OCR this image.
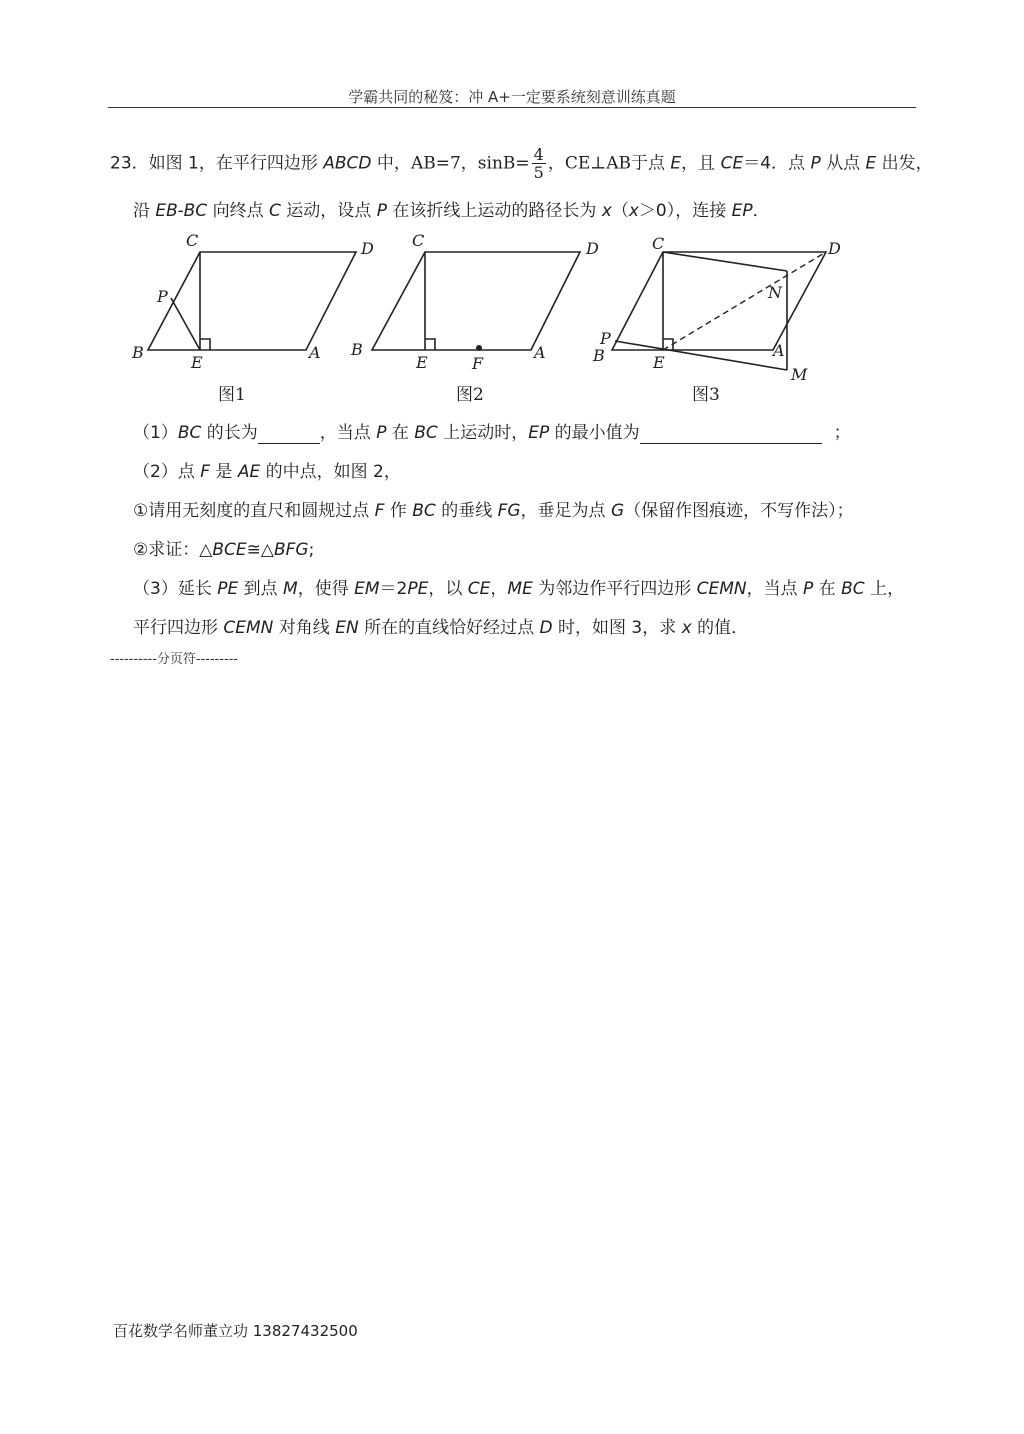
学霸共同的秘笈：冲 A+一定要系统刻意训练真题
23．如图 1，在平行四边形 ABCD 中，AB=7，$\sin B= \frac{4}{5}$ ，CE⊥AB于点 E，且 CE＝4．点 P 从点 E 出发，
沿 EB-BC 向终点 C 运动，设点 P 在该折线上运动的路径长为 x（x＞0），连接 EP．
C	D
P
B
E
A
图1
C	D
B
E	F
A
图2
C	D
N
P
B	E
A
M
图3
（1）BC 的长为	，当点 P 在 BC 上运动时，EP 的最小值为	；
（2）点 F 是 AE 的中点，如图 2，
①请用无刻度的直尺和圆规过点 F 作 BC 的垂线 FG，垂足为点 G（保留作图痕迹，不写作法）；
②求证：△BCE≅△BFG;
（3）延长 PE 到点 M，使得 EM＝2PE，以 CE，ME 为邻边作平行四边形 CEMN，当点 P 在 BC 上，
平行四边形 CEMN 对角线 EN 所在的直线恰好经过点 D 时，如图 3，求 x 的值．
----------分页符---------
百花数学名师董立功 13827432500
